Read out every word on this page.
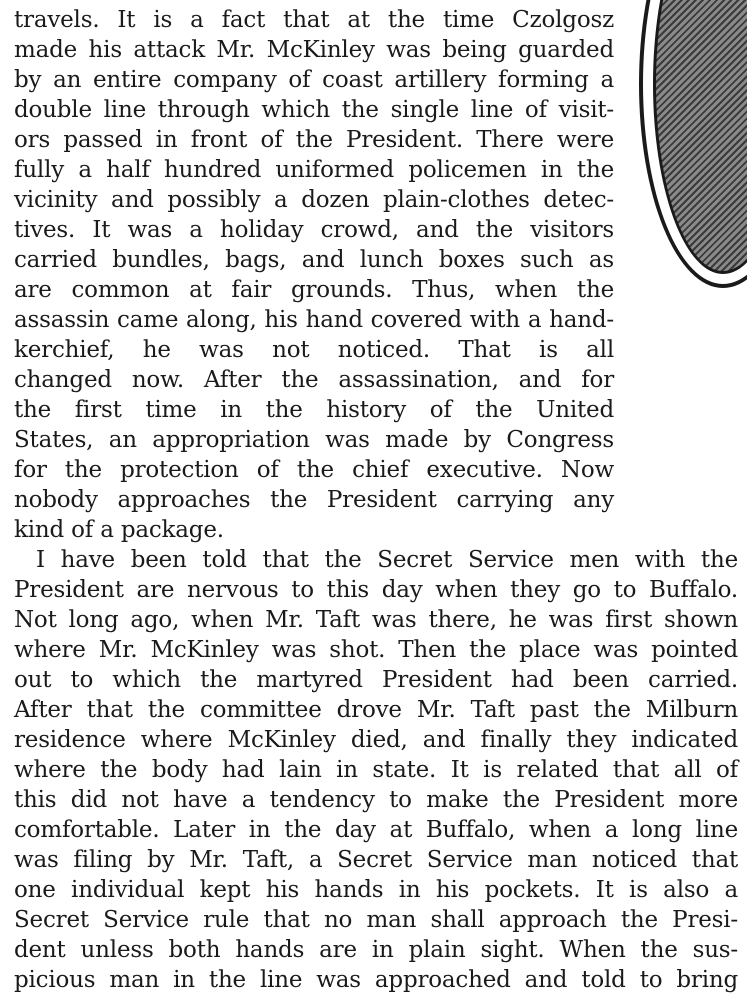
travels. It is a fact that at the time Czolgosz
made his attack Mr. McKinley was being guarded
by an entire company of coast artillery forming a
double line through which the single line of visit-
ors passed in front of the President. There were
fully a half hundred uniformed policemen in the
vicinity and possibly a dozen plain-clothes detec-
tives. It was a holiday crowd, and the visitors
carried bundles, bags, and lunch boxes such as
are common at fair grounds. Thus, when the
assassin came along, his hand covered with a hand-
kerchief, he was not noticed. That is all
changed now. After the assassination, and for
the first time in the history of the United
States, an appropriation was made by Congress
for the protection of the chief executive. Now
nobody approaches the President carrying any
kind of a package.
I have been told that the Secret Service men with the
President are nervous to this day when they go to Buffalo.
Not long ago, when Mr. Taft was there, he was first shown
where Mr. McKinley was shot. Then the place was pointed
out to which the martyred President had been carried.
After that the committee drove Mr. Taft past the Milburn
residence where McKinley died, and finally they indicated
where the body had lain in state. It is related that all of
this did not have a tendency to make the President more
comfortable. Later in the day at Buffalo, when a long line
was filing by Mr. Taft, a Secret Service man noticed that
one individual kept his hands in his pockets. It is also a
Secret Service rule that no man shall approach the Presi-
dent unless both hands are in plain sight. When the sus-
picious man in the line was approached and told to bring
